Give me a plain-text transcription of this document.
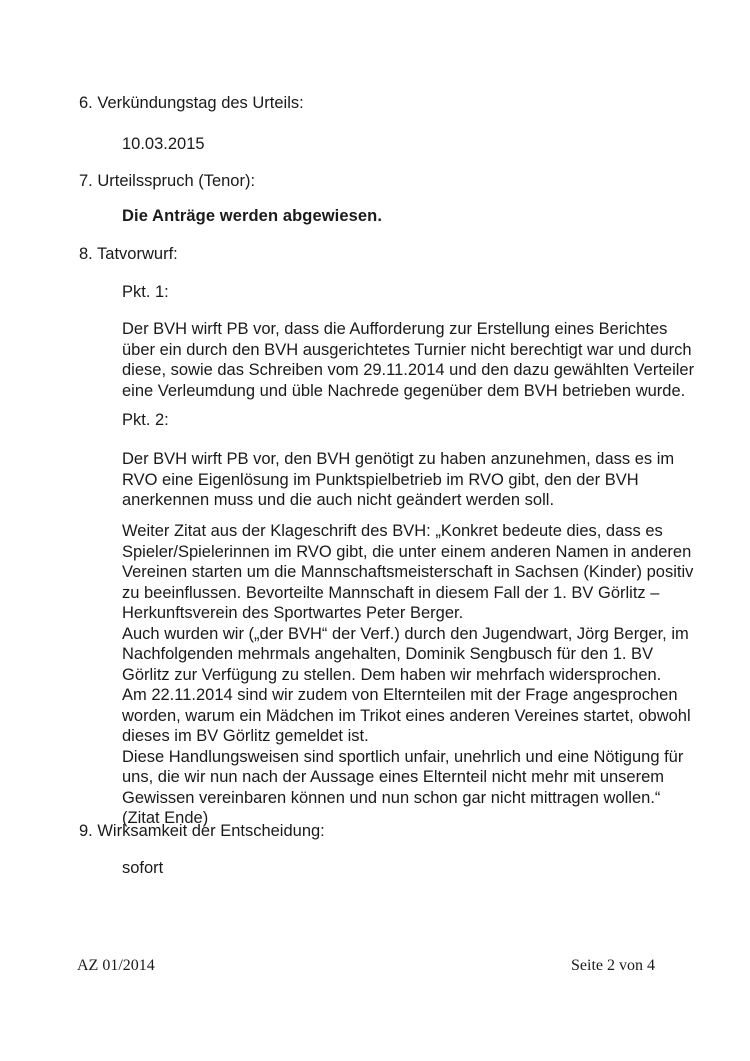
6. Verkündungstag des Urteils:
10.03.2015
7. Urteilsspruch (Tenor):
Die Anträge werden abgewiesen.
8. Tatvorwurf:
Pkt. 1:
Der BVH wirft PB vor, dass die Aufforderung zur Erstellung eines Berichtes
über ein durch den BVH ausgerichtetes Turnier nicht berechtigt war und durch
diese, sowie das Schreiben vom 29.11.2014 und den dazu gewählten Verteiler
eine Verleumdung und üble Nachrede gegenüber dem BVH betrieben wurde.
Pkt. 2:
Der BVH wirft PB vor, den BVH genötigt zu haben anzunehmen, dass es im
RVO eine Eigenlösung im Punktspielbetrieb im RVO gibt, den der BVH
anerkennen muss und die auch nicht geändert werden soll.
Weiter Zitat aus der Klageschrift des BVH: „Konkret bedeute dies, dass es
Spieler/Spielerinnen im RVO gibt, die unter einem anderen Namen in anderen
Vereinen starten um die Mannschaftsmeisterschaft in Sachsen (Kinder) positiv
zu beeinflussen. Bevorteilte Mannschaft in diesem Fall der 1. BV Görlitz –
Herkunftsverein des Sportwartes Peter Berger.
Auch wurden wir („der BVH“ der Verf.) durch den Jugendwart, Jörg Berger, im
Nachfolgenden mehrmals angehalten, Dominik Sengbusch für den 1. BV
Görlitz zur Verfügung zu stellen. Dem haben wir mehrfach widersprochen.
Am 22.11.2014 sind wir zudem von Elternteilen mit der Frage angesprochen
worden, warum ein Mädchen im Trikot eines anderen Vereines startet, obwohl
dieses im BV Görlitz gemeldet ist.
Diese Handlungsweisen sind sportlich unfair, unehrlich und eine Nötigung für
uns, die wir nun nach der Aussage eines Elternteil nicht mehr mit unserem
Gewissen vereinbaren können und nun schon gar nicht mittragen wollen.“
(Zitat Ende)
9. Wirksamkeit der Entscheidung:
sofort
AZ 01/2014	Seite 2 von 4
